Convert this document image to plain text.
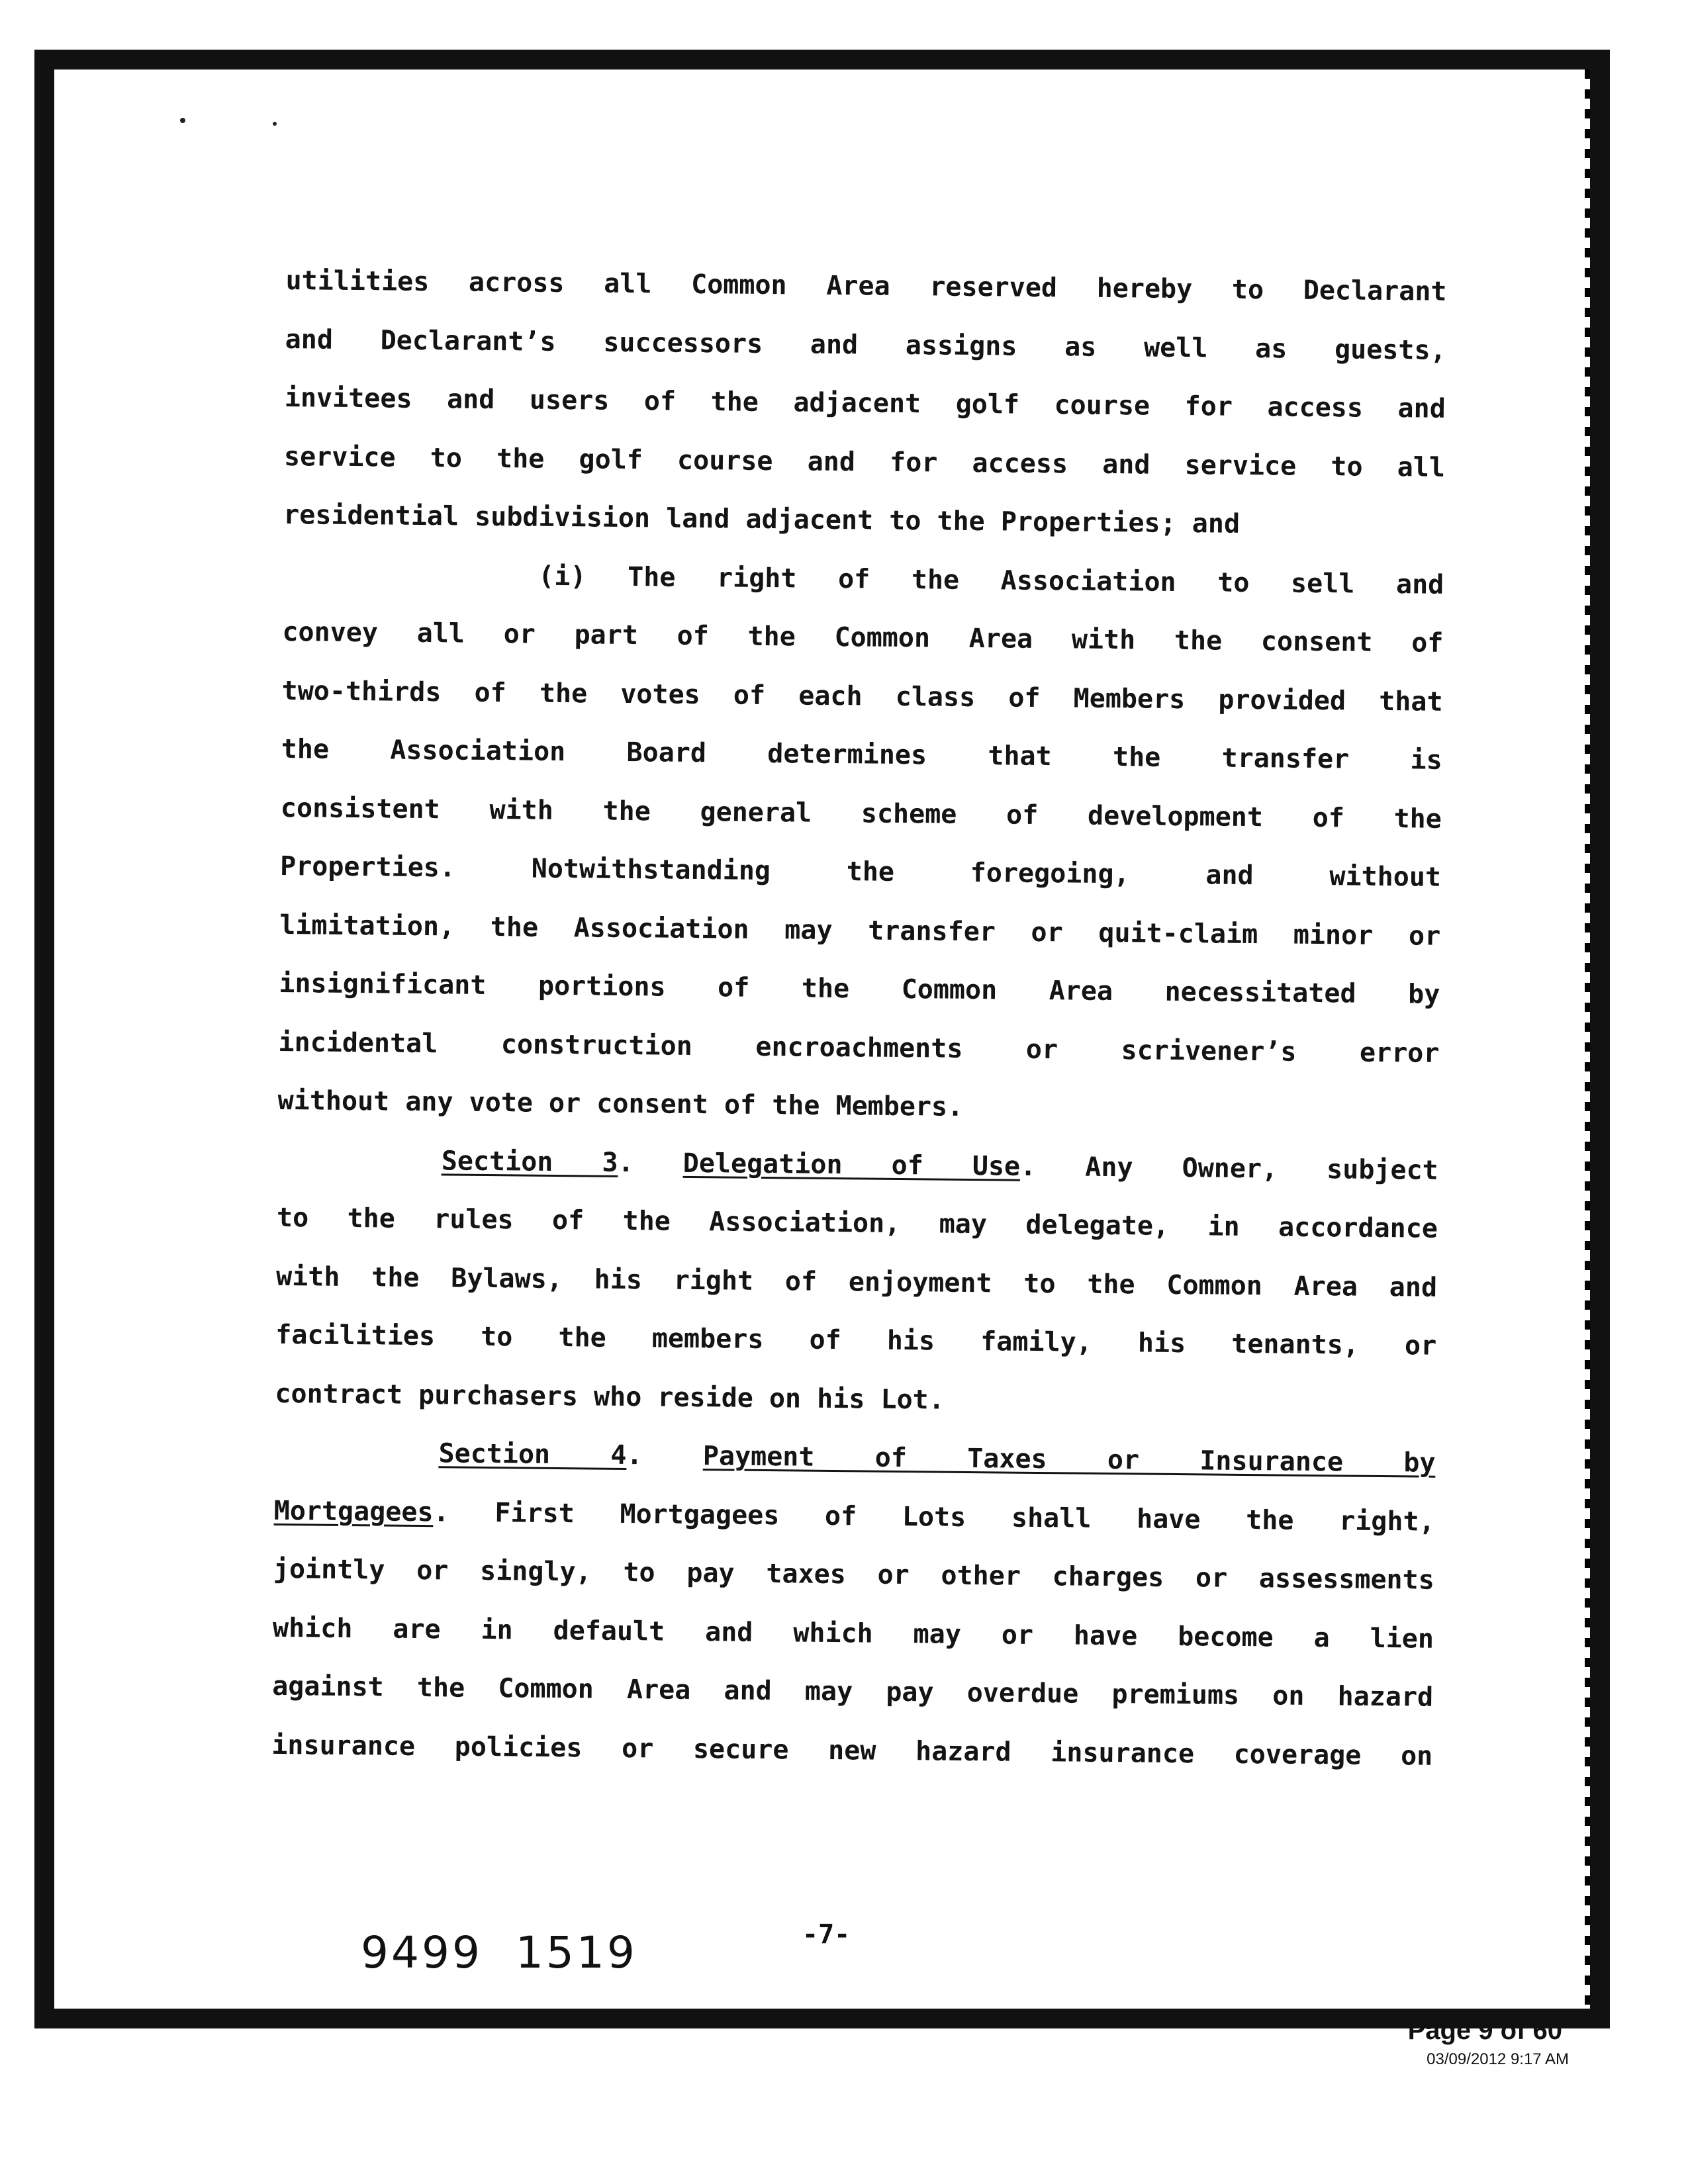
utilities across all Common Area reserved hereby to Declarant
and Declarant’s successors and assigns as well as guests,
invitees and users of the adjacent golf course for access and
service to the golf course and for access and service to all
residential subdivision land adjacent to the Properties; and
(i) The right of the Association to sell and
convey all or part of the Common Area with the consent of
two-thirds of the votes of each class of Members provided that
the Association Board determines that the transfer is
consistent with the general scheme of development of the
Properties. Notwithstanding the foregoing, and without
limitation, the Association may transfer or quit-claim minor or
insignificant portions of the Common Area necessitated by
incidental construction encroachments or scrivener’s error
without any vote or consent of the Members.
Section 3. Delegation of Use. Any Owner, subject
to the rules of the Association, may delegate, in accordance
with the Bylaws, his right of enjoyment to the Common Area and
facilities to the members of his family, his tenants, or
contract purchasers who reside on his Lot.
Section 4. Payment of Taxes or Insurance by
Mortgagees. First Mortgagees of Lots shall have the right,
jointly or singly, to pay taxes or other charges or assessments
which are in default and which may or have become a lien
against the Common Area and may pay overdue premiums on hazard
insurance policies or secure new hazard insurance coverage on
9499  1519	-7-
Page 9 of 60
03/09/2012 9:17 AM
